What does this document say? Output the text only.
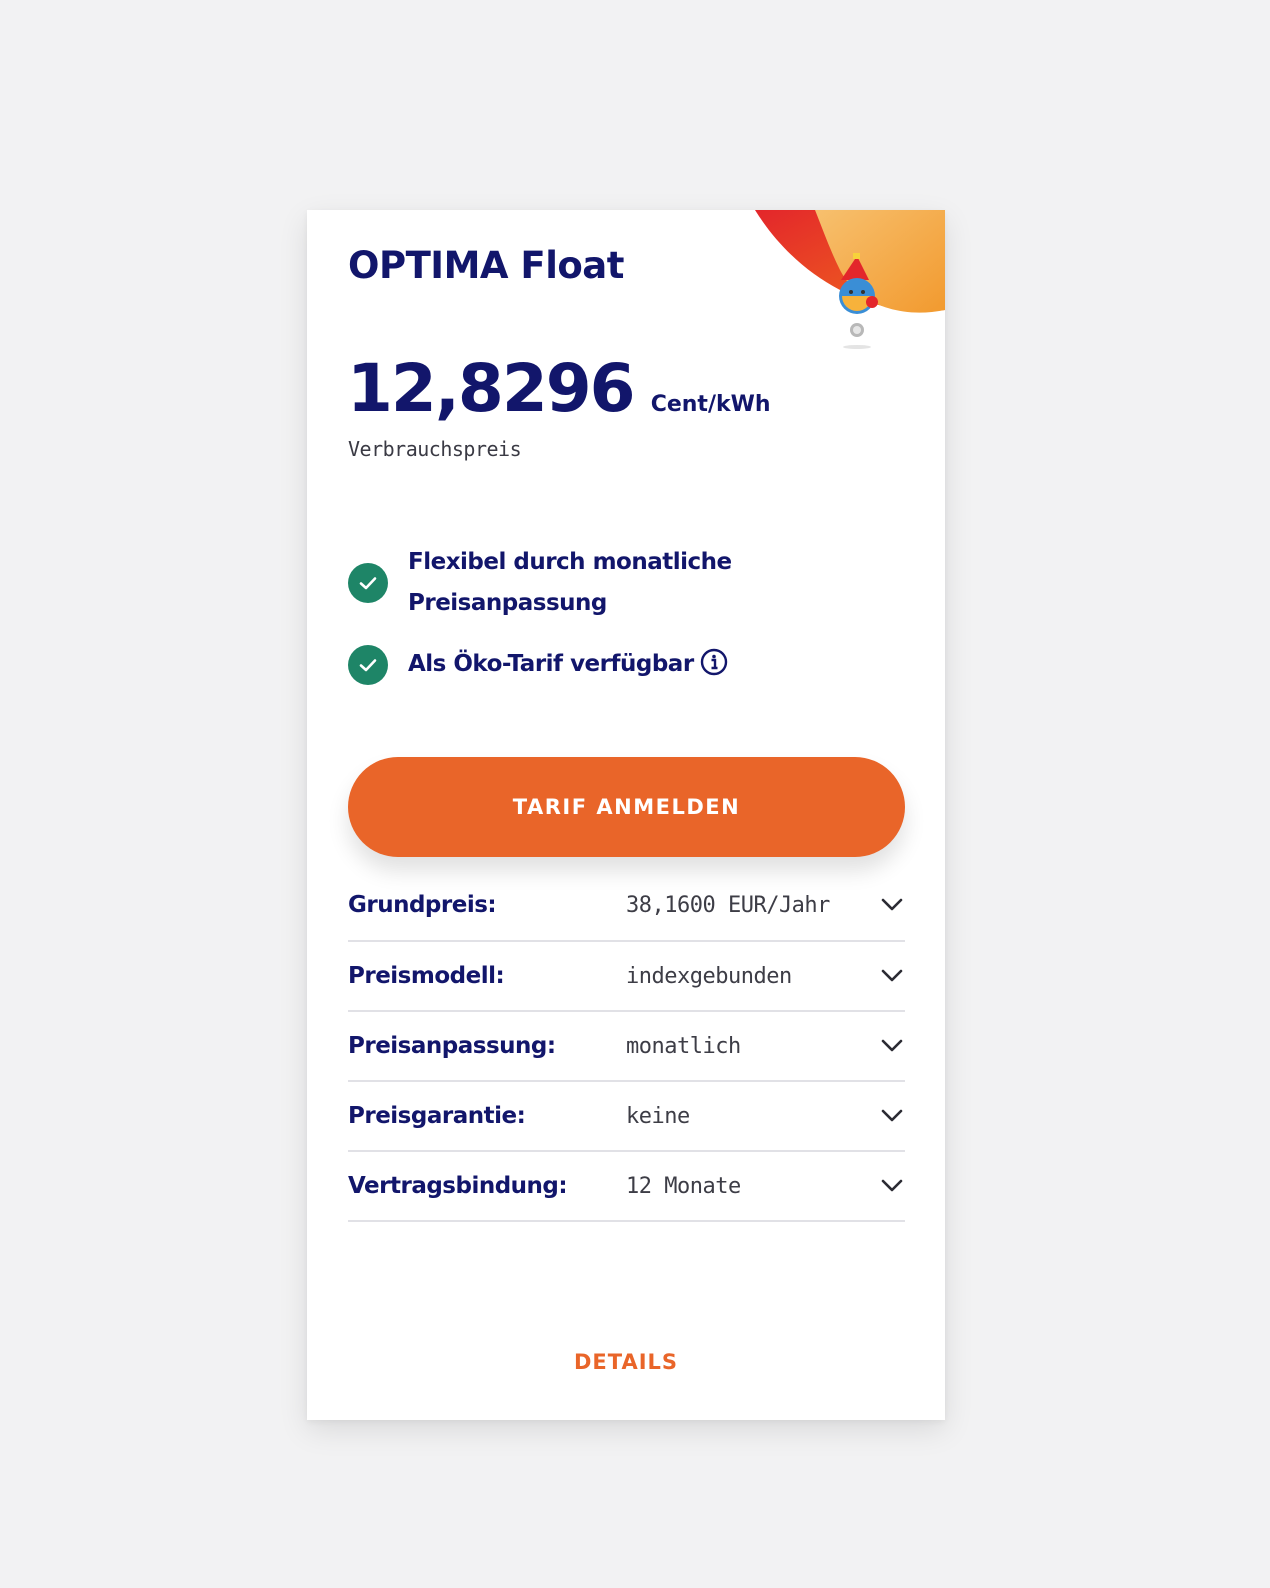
OPTIMA Float
12,8296 Cent/kWh
Verbrauchspreis
Flexibel durch monatliche Preisanpassung
Als Öko-Tarif verfügbar
TARIF ANMELDEN
Grundpreis:	38,1600 EUR/Jahr
Preismodell:	indexgebunden
Preisanpassung:	monatlich
Preisgarantie:	keine
Vertragsbindung:	12 Monate
DETAILS
